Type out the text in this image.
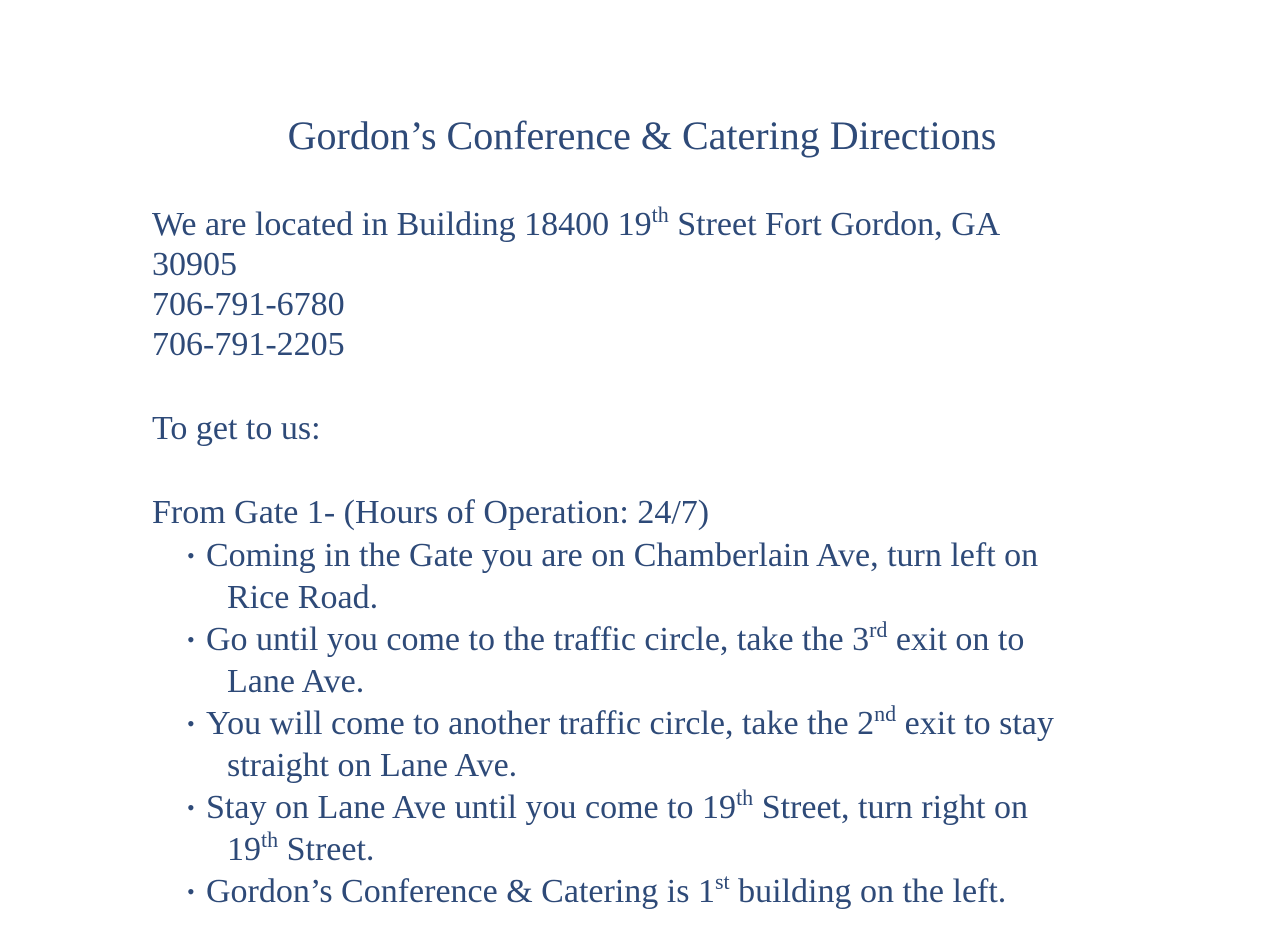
Gordon’s Conference & Catering Directions
We are located in Building 18400 19th Street Fort Gordon, GA
30905
706-791-6780
706-791-2205
To get to us:
From Gate 1- (Hours of Operation: 24/7)
• Coming in the Gate you are on Chamberlain Ave, turn left on
Rice Road.
• Go until you come to the traffic circle, take the 3rd exit on to
Lane Ave.
• You will come to another traffic circle, take the 2nd exit to stay
straight on Lane Ave.
• Stay on Lane Ave until you come to 19th Street, turn right on
19th Street.
• Gordon’s Conference & Catering is 1st building on the left.
